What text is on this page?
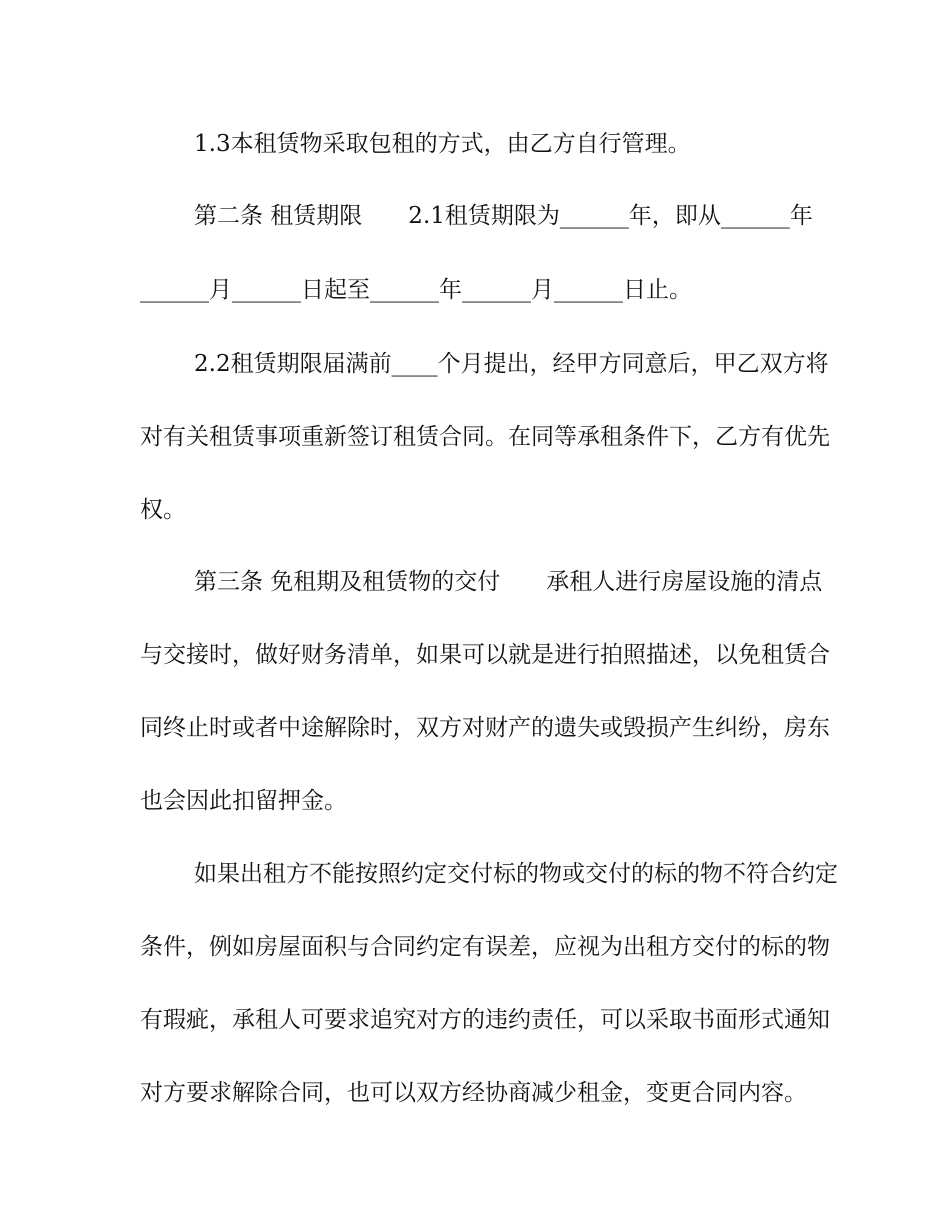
1.3本租赁物采取包租的方式，由乙方自行管理。

第二条 租赁期限　　2.1租赁期限为______年，即从______年

______月______日起至______年______月______日止。

2.2租赁期限届满前____个月提出，经甲方同意后，甲乙双方将

对有关租赁事项重新签订租赁合同。在同等承租条件下，乙方有优先

权。

第三条 免租期及租赁物的交付　　承租人进行房屋设施的清点

与交接时，做好财务清单，如果可以就是进行拍照描述，以免租赁合

同终止时或者中途解除时，双方对财产的遗失或毁损产生纠纷，房东

也会因此扣留押金。

如果出租方不能按照约定交付标的物或交付的标的物不符合约定

条件，例如房屋面积与合同约定有误差，应视为出租方交付的标的物

有瑕疵，承租人可要求追究对方的违约责任，可以采取书面形式通知

对方要求解除合同，也可以双方经协商减少租金，变更合同内容。
